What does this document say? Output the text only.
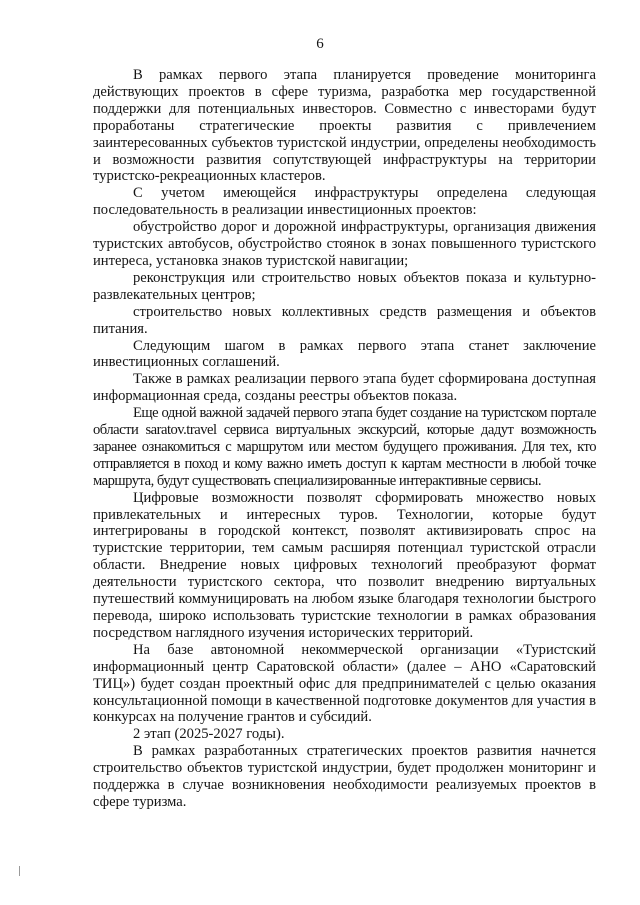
6

В рамках первого этапа планируется проведение мониторинга действующих проектов в сфере туризма, разработка мер государственной поддержки для потенциальных инвесторов. Совместно с инвесторами будут проработаны стратегические проекты развития с привлечением заинтересованных субъектов туристской индустрии, определены необходимость и возможности развития сопутствующей инфраструктуры на территории туристско-рекреационных кластеров.

С учетом имеющейся инфраструктуры определена следующая последовательность в реализации инвестиционных проектов:

обустройство дорог и дорожной инфраструктуры, организация движения туристских автобусов, обустройство стоянок в зонах повышенного туристского интереса, установка знаков туристской навигации;

реконструкция или строительство новых объектов показа и культурно-развлекательных центров;

строительство новых коллективных средств размещения и объектов питания.

Следующим шагом в рамках первого этапа станет заключение инвестиционных соглашений.

Также в рамках реализации первого этапа будет сформирована доступная информационная среда, созданы реестры объектов показа.

Еще одной важной задачей первого этапа будет создание на туристском портале области saratov.travel сервиса виртуальных экскурсий, которые дадут возможность заранее ознакомиться с маршрутом или местом будущего проживания. Для тех, кто отправляется в поход и кому важно иметь доступ к картам местности в любой точке маршрута, будут существовать специализированные интерактивные сервисы.

Цифровые возможности позволят сформировать множество новых привлекательных и интересных туров. Технологии, которые будут интегрированы в городской контекст, позволят активизировать спрос на туристские территории, тем самым расширяя потенциал туристской отрасли области. Внедрение новых цифровых технологий преобразуют формат деятельности туристского сектора, что позволит внедрению виртуальных путешествий коммуницировать на любом языке благодаря технологии быстрого перевода, широко использовать туристские технологии в рамках образования посредством наглядного изучения исторических территорий.

На базе автономной некоммерческой организации «Туристский информационный центр Саратовской области» (далее – АНО «Саратовский ТИЦ») будет создан проектный офис для предпринимателей с целью оказания консультационной помощи в качественной подготовке документов для участия в конкурсах на получение грантов и субсидий.

2 этап (2025-2027 годы).

В рамках разработанных стратегических проектов развития начнется строительство объектов туристской индустрии, будет продолжен мониторинг и поддержка в случае возникновения необходимости реализуемых проектов в сфере туризма.
